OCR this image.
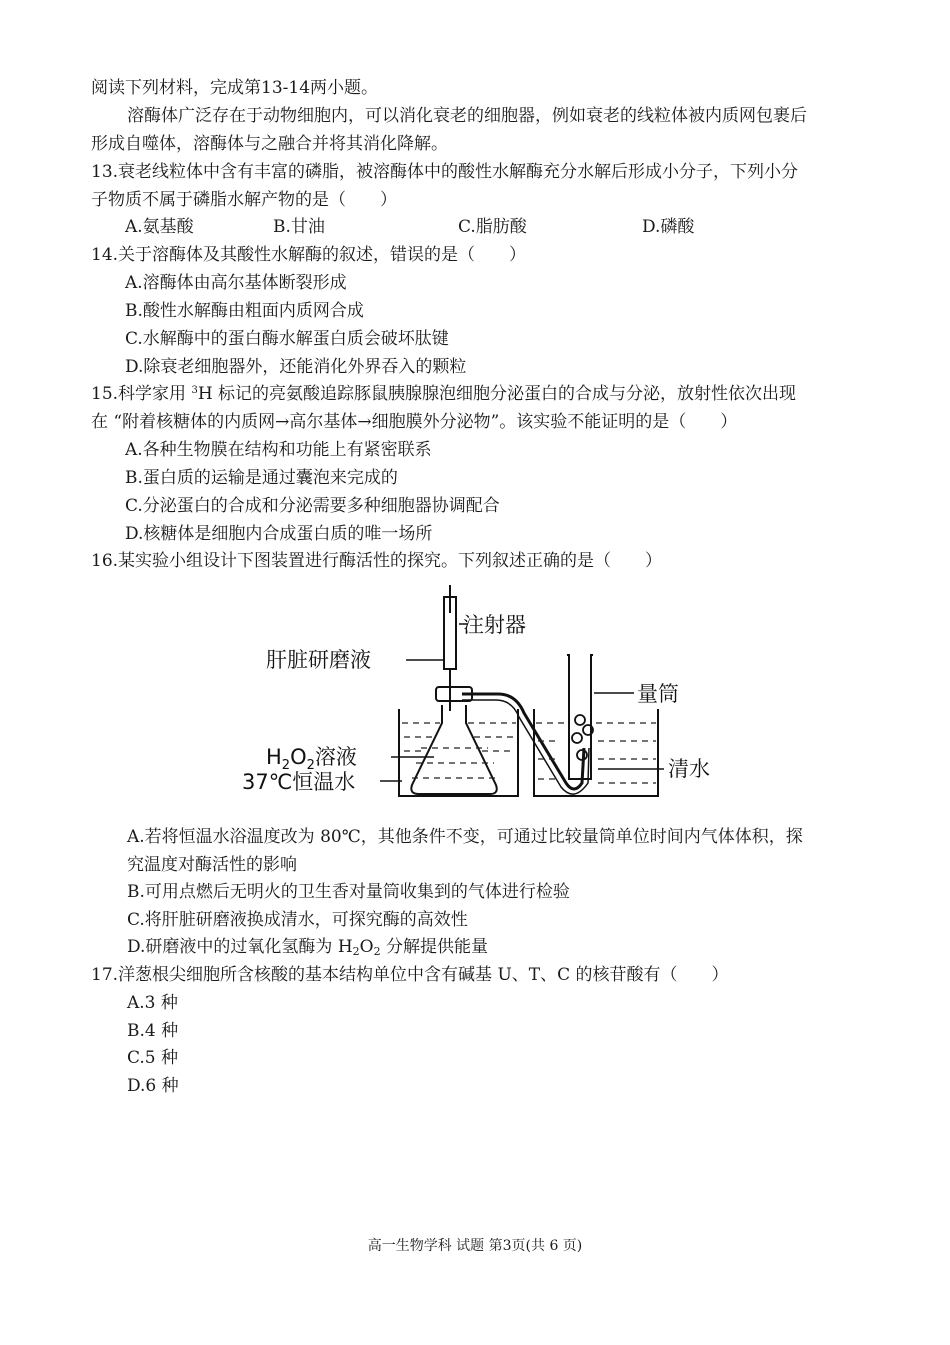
阅读下列材料，完成第13-14两小题。
溶酶体广泛存在于动物细胞内，可以消化衰老的细胞器，例如衰老的线粒体被内质网包裹后
形成自噬体，溶酶体与之融合并将其消化降解。
13.衰老线粒体中含有丰富的磷脂，被溶酶体中的酸性水解酶充分水解后形成小分子，下列小分
子物质不属于磷脂水解产物的是（　　）
A.氨基酸	B.甘油	C.脂肪酸	D.磷酸
14.关于溶酶体及其酸性水解酶的叙述，错误的是（　　）
A.溶酶体由高尔基体断裂形成
B.酸性水解酶由粗面内质网合成
C.水解酶中的蛋白酶水解蛋白质会破坏肽键
D.除衰老细胞器外，还能消化外界吞入的颗粒
15.科学家用 $^3$H 标记的亮氨酸追踪豚鼠胰腺腺泡细胞分泌蛋白的合成与分泌，放射性依次出现
在 “附着核糖体的内质网→高尔基体→细胞膜外分泌物”。该实验不能证明的是（　　）
A.各种生物膜在结构和功能上有紧密联系
B.蛋白质的运输是通过囊泡来完成的
C.分泌蛋白的合成和分泌需要多种细胞器协调配合
D.核糖体是细胞内合成蛋白质的唯一场所
16.某实验小组设计下图装置进行酶活性的探究。下列叙述正确的是（　　）
注射器
肝脏研磨液
量筒
$H_2O_2$溶液
37℃恒温水
清水
A.若将恒温水浴温度改为 80℃，其他条件不变，可通过比较量筒单位时间内气体体积，探
究温度对酶活性的影响
B.可用点燃后无明火的卫生香对量筒收集到的气体进行检验
C.将肝脏研磨液换成清水，可探究酶的高效性
D.研磨液中的过氧化氢酶为 $H_2O_2$ 分解提供能量
17.洋葱根尖细胞所含核酸的基本结构单位中含有碱基 U、T、C 的核苷酸有（　　）
A.3 种
B.4 种
C.5 种
D.6 种
高一生物学科 试题 第3页(共 6 页)
